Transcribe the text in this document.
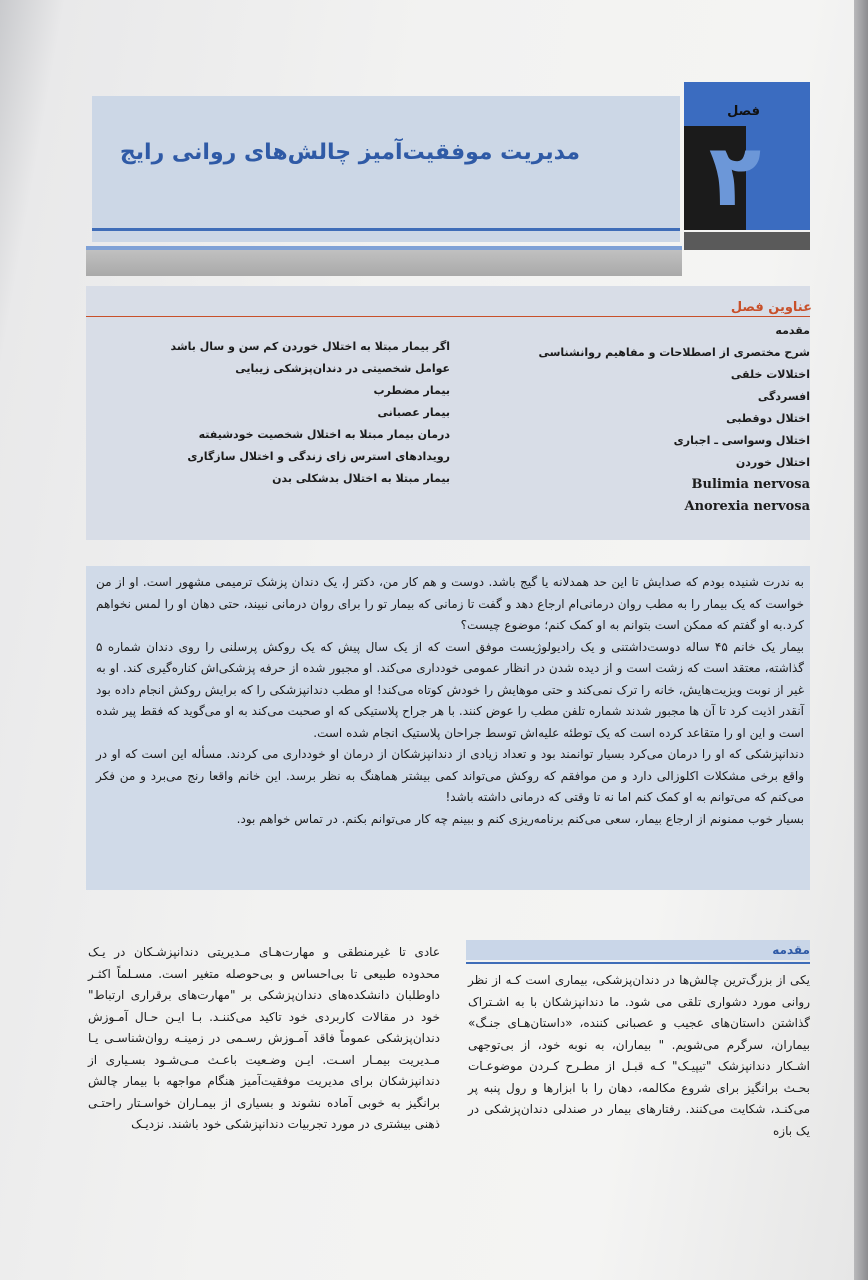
مدیریت موفقیت‌آمیز چالش‌های روانی رایج
فصل
۲
عناوین فصل
مقدمه
شرح مختصری از اصطلاحات و مفاهیم روانشناسی
اختلالات خلقی
افسردگی
اختلال دوقطبی
اختلال وسواسی ـ اجباری
اختلال خوردن
Bulimia nervosa
Anorexia nervosa
اگر بیمار مبتلا به اختلال خوردن کم سن و سال باشد
عوامل شخصیتی در دندان‌پزشکی زیبایی
بیمار مضطرب
بیمار عصبانی
درمان بیمار مبتلا به اختلال شخصیت خودشیفته
رویدادهای استرس زای زندگی و اختلال سازگاری
بیمار مبتلا به اختلال بدشکلی بدن

به ندرت شنیده بودم که صدایش تا این حد همدلانه یا گیج باشد. دوست و هم کار من، دکتر J، یک دندان پزشک ترمیمی مشهور است. او از من خواست که یک بیمار را به مطب روان درمانی‌ام ارجاع دهد و گفت تا زمانی که بیمار تو را برای روان درمانی نبیند، حتی دهان او را لمس نخواهم کرد.به او گفتم که ممکن است بتوانم به او کمک کنم؛ موضوع چیست؟

بیمار یک خانم ۴۵ ساله دوست‌داشتنی و یک رادیولوژیست موفق است که از یک سال پیش که یک روکش پرسلنی را روی دندان شماره ۵ گذاشته، معتقد است که زشت است و از دیده شدن در انظار عمومی خودداری می‌کند. او مجبور شده از حرفه پزشکی‌اش کناره‌گیری کند. او به غیر از نوبت ویزیت‌هایش، خانه را ترک نمی‌کند و حتی موهایش را خودش کوتاه می‌کند! او مطب دندانپزشکی را که برایش روکش انجام داده بود آنقدر اذیت کرد تا آن ها مجبور شدند شماره تلفن مطب را عوض کنند. با هر جراح پلاستیکی که او صحبت می‌کند به او می‌گوید که فقط پیر شده است و این او را متقاعد کرده است که یک توطئه علیه‌اش توسط جراحان پلاستیک انجام شده است.

دندانپزشکی که او را درمان می‌کرد بسیار توانمند بود و تعداد زیادی از دندانپزشکان از درمان او خودداری می کردند. مسأله این است که او در واقع برخی مشکلات اکلوزالی دارد و من موافقم که روکش می‌تواند کمی بیشتر هماهنگ به نظر برسد. این خانم واقعا رنج می‌برد و من فکر می‌کنم که می‌توانم به او کمک کنم اما نه تا وقتی که درمانی داشته باشد!

بسیار خوب ممنونم از ارجاع بیمار، سعی می‌کنم برنامه‌ریزی کنم و ببینم چه کار می‌توانم بکنم. در تماس خواهم بود.

مقدمه

یکی از بزرگ‌ترین چالش‌ها در دندان‌پزشکی، بیماری است کـه از نظر روانی مورد دشواری تلقی می شود. ما دندانپزشکان با به اشـتراک گذاشتن داستان‌های عجیب و عصبانی کننده، «داستان‌هـای جنـگ» بیماران، سرگرم می‌شویم. " بیماران، به نوبه خود، از بی‌توجهی اشـکار دندانپزشک "تیپیـک" کـه قبـل از مطـرح کـردن موضوعـات بحـث برانگیز برای شروع مکالمه، دهان را با ابزارها و رول پنبه پر می‌کنـد، شکایت می‌کنند. رفتارهای بیمار در صندلی دندان‌پزشکی در یک بازه

عادی تا غیرمنطقی و مهارت‌هـای مـدیریتی دندانپزشـکان در یـک محدوده طبیعی تا بی‌احساس و بی‌حوصله متغیر است. مسـلماً اکثـر داوطلبان دانشکده‌های دندان‌پزشکی بر "مهارت‌های برقراری ارتباط" خود در مقالات کاربردی خود تاکید می‌کننـد. بـا ایـن حـال آمـوزش دندان‌پزشکی عموماً فاقد آمـوزش رسـمی در زمینـه روان‌شناسـی یـا مـدیریت بیمـار اسـت. ایـن وضـعیت باعـث مـی‌شـود بسـیاری از دندانپزشکان برای مدیریت موفقیت‌آمیز هنگام مواجهه با بیمار چالش برانگیز به خوبی آماده نشوند و بسیاری از بیمـاران خواسـتار راحتـی ذهنی بیشتری در مورد تجربیات دندانپزشکی خود باشند. نزدیـک
